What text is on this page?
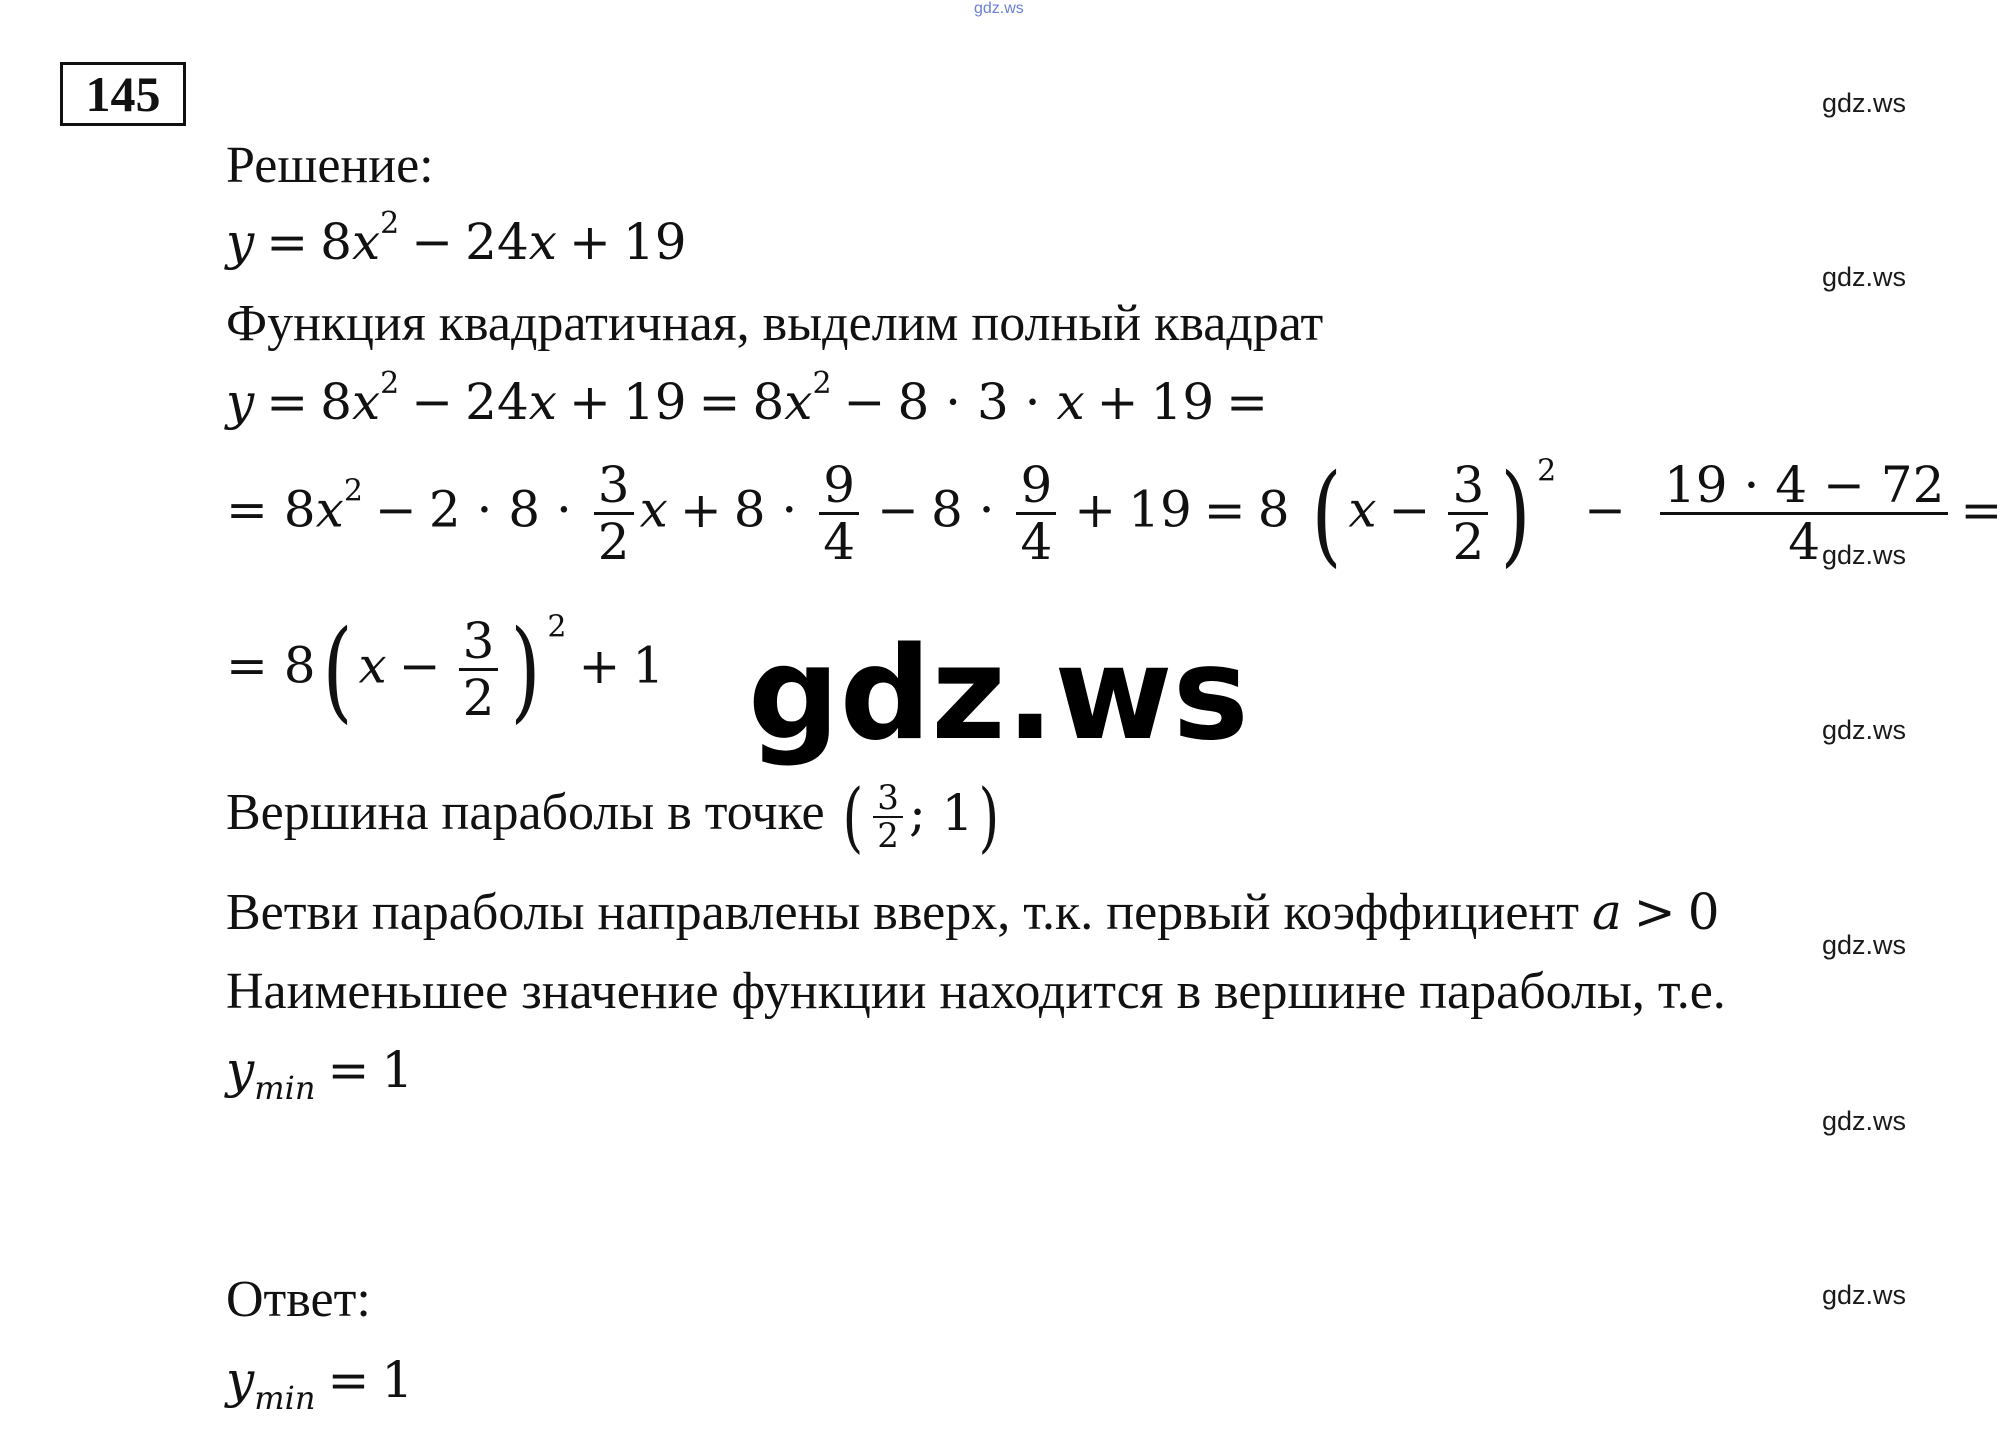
gdz.ws
gdz.ws
gdz.ws
gdz.ws
gdz.ws
gdz.ws
gdz.ws
gdz.ws
145
Решение:
$y = 8x^2 - 24x + 19$
Функция квадратичная, выделим полный квадрат
$y = 8x^2 - 24x + 19 = 8x^2 - 8 \cdot 3 \cdot x + 19$ =
= $8x^2 - 2 \cdot 8 \cdot \frac{3}{2}$ $x + 8 \cdot \frac{9}{4} - 8 \cdot \frac{9}{4} + 19 = 8$ ( $x - \frac{3}{2}$ ) $^2 - \frac{19 \cdot 4 - 72}{4}$ =
= 8( $x - \frac{3}{2}$ ) $^2$+ 1 gdz.ws
Вершина параболы в точке ( $\frac{3}{2}$ ; 1)
Ветви параболы направлены вверх, т.к. первый коэффициент a > 0
Наименьшее значение функции находится в вершине параболы, т.е.
$y_{min} = 1$
Ответ:
$y_{min} = 1$
